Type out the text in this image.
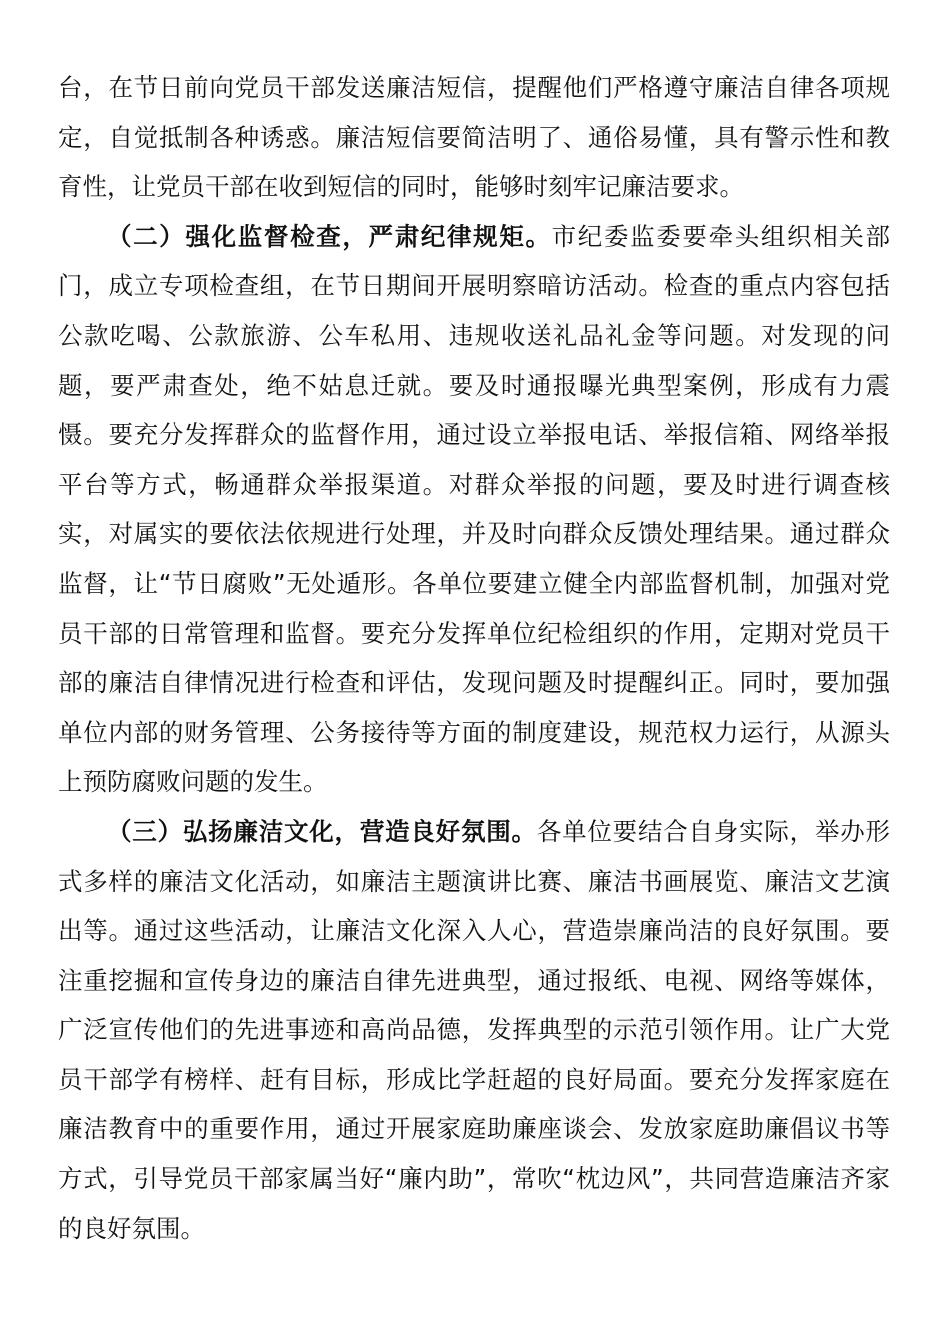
台，在节日前向党员干部发送廉洁短信，提醒他们严格遵守廉洁自律各项规定，自觉抵制各种诱惑。廉洁短信要简洁明了、通俗易懂，具有警示性和教育性，让党员干部在收到短信的同时，能够时刻牢记廉洁要求。

（二）强化监督检查，严肃纪律规矩。市纪委监委要牵头组织相关部门，成立专项检查组，在节日期间开展明察暗访活动。检查的重点内容包括公款吃喝、公款旅游、公车私用、违规收送礼品礼金等问题。对发现的问题，要严肃查处，绝不姑息迁就。要及时通报曝光典型案例，形成有力震慑。要充分发挥群众的监督作用，通过设立举报电话、举报信箱、网络举报平台等方式，畅通群众举报渠道。对群众举报的问题，要及时进行调查核实，对属实的要依法依规进行处理，并及时向群众反馈处理结果。通过群众监督，让“节日腐败”无处遁形。各单位要建立健全内部监督机制，加强对党员干部的日常管理和监督。要充分发挥单位纪检组织的作用，定期对党员干部的廉洁自律情况进行检查和评估，发现问题及时提醒纠正。同时，要加强单位内部的财务管理、公务接待等方面的制度建设，规范权力运行，从源头上预防腐败问题的发生。

（三）弘扬廉洁文化，营造良好氛围。各单位要结合自身实际，举办形式多样的廉洁文化活动，如廉洁主题演讲比赛、廉洁书画展览、廉洁文艺演出等。通过这些活动，让廉洁文化深入人心，营造崇廉尚洁的良好氛围。要注重挖掘和宣传身边的廉洁自律先进典型，通过报纸、电视、网络等媒体，广泛宣传他们的先进事迹和高尚品德，发挥典型的示范引领作用。让广大党员干部学有榜样、赶有目标，形成比学赶超的良好局面。要充分发挥家庭在廉洁教育中的重要作用，通过开展家庭助廉座谈会、发放家庭助廉倡议书等方式，引导党员干部家属当好“廉内助”，常吹“枕边风”，共同营造廉洁齐家的良好氛围。
